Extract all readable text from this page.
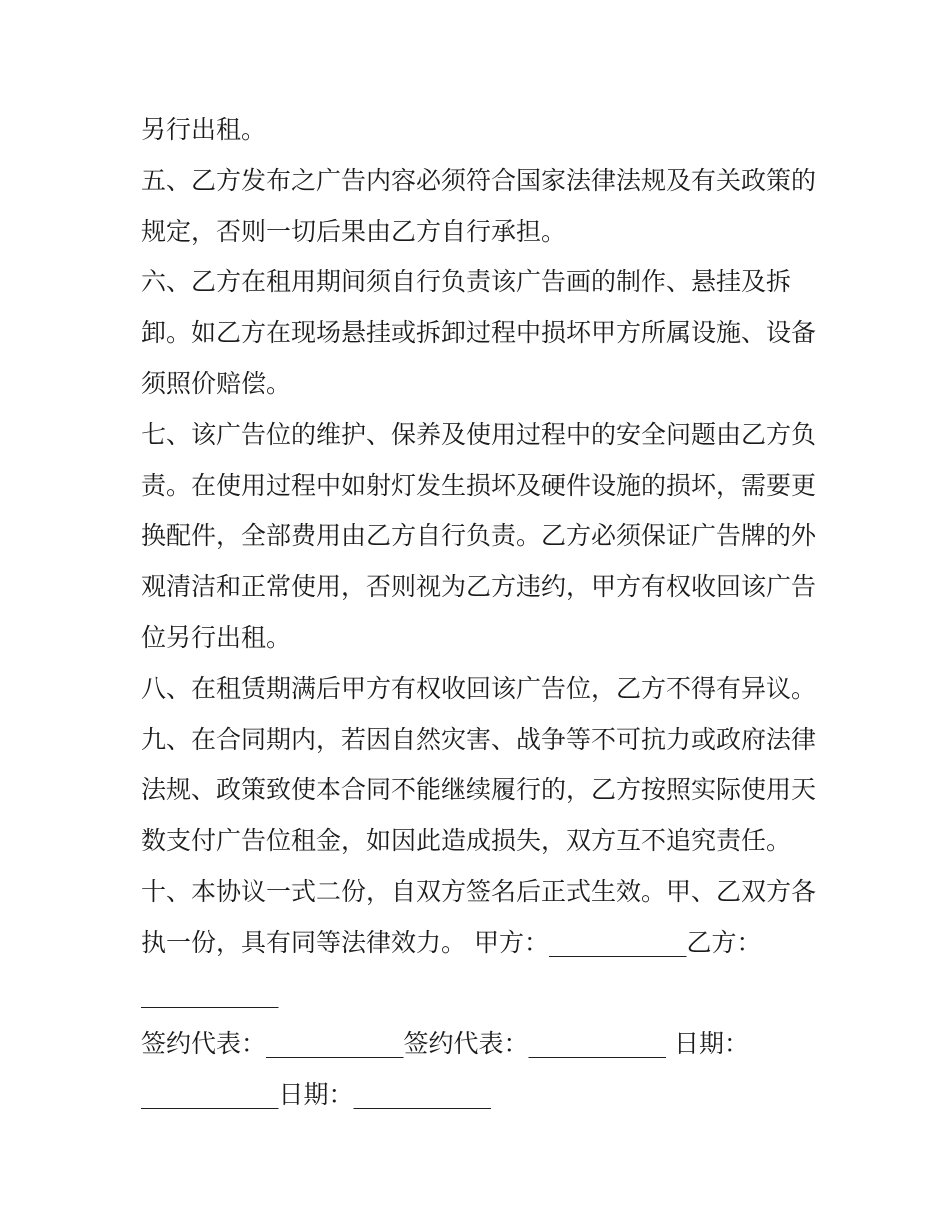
另行出租。
五、乙方发布之广告内容必须符合国家法律法规及有关政策的
规定，否则一切后果由乙方自行承担。
六、乙方在租用期间须自行负责该广告画的制作、悬挂及拆
卸。如乙方在现场悬挂或拆卸过程中损坏甲方所属设施、设备
须照价赔偿。
七、该广告位的维护、保养及使用过程中的安全问题由乙方负
责。在使用过程中如射灯发生损坏及硬件设施的损坏，需要更
换配件，全部费用由乙方自行负责。乙方必须保证广告牌的外
观清洁和正常使用，否则视为乙方违约，甲方有权收回该广告
位另行出租。
八、在租赁期满后甲方有权收回该广告位，乙方不得有异议。
九、在合同期内，若因自然灾害、战争等不可抗力或政府法律
法规、政策致使本合同不能继续履行的，乙方按照实际使用天
数支付广告位租金，如因此造成损失，双方互不追究责任。
十、本协议一式二份，自双方签名后正式生效。甲、乙双方各
执一份，具有同等法律效力。 甲方：___________乙方：
___________
签约代表：___________签约代表：___________ 日期：
___________日期：___________
